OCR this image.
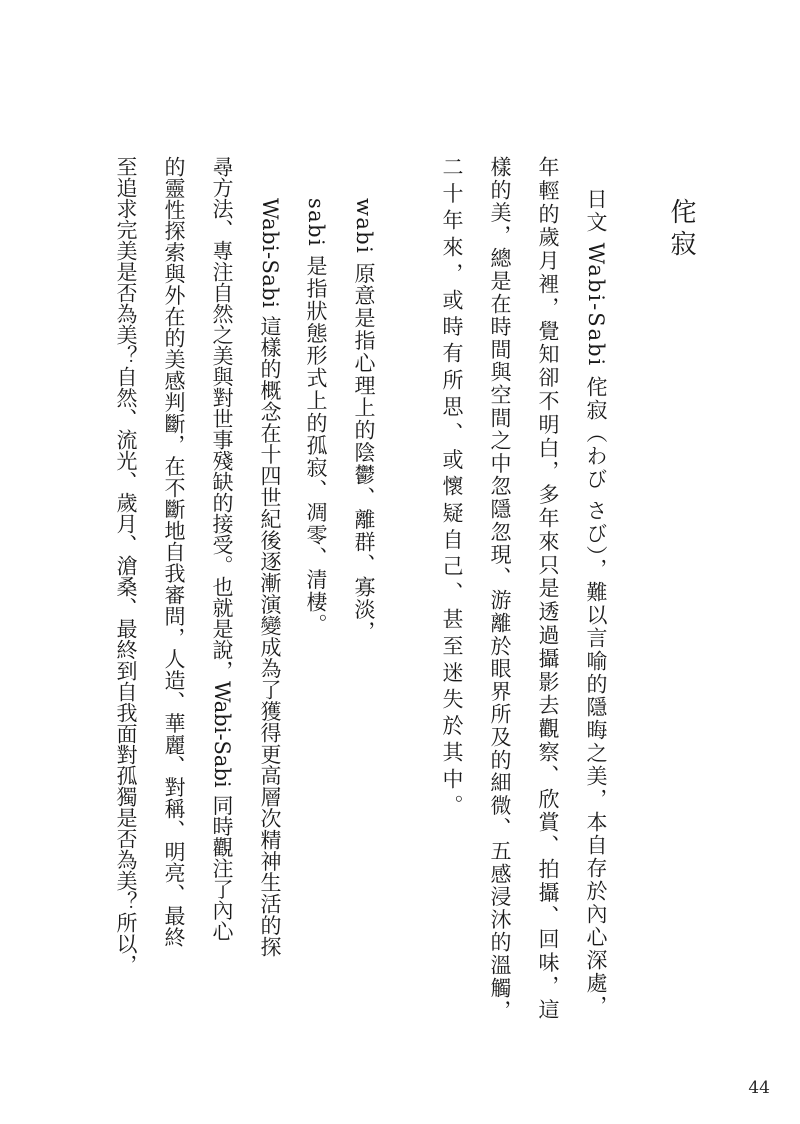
侘寂
日文 Wabi-Sabi 侘寂（わび さび），難以言喻的隱晦之美，本自存於內心深處，
年輕的歲月裡，覺知卻不明白，多年來只是透過攝影去觀察、欣賞、拍攝、回味，這
樣的美，總是在時間與空間之中忽隱忽現、游離於眼界所及的細微、五感浸沐的溫觸，
二十年來，或時有所思、或懷疑自己、甚至迷失於其中。
wabi 原意是指心理上的陰鬱、離群、寡淡，
sabi 是指狀態形式上的孤寂、凋零、清棲。
Wabi-Sabi 這樣的概念在十四世紀後逐漸演變成為了獲得更高層次精神生活的探
尋方法、專注自然之美與對世事殘缺的接受。也就是說，Wabi-Sabi 同時觀注了內心
的靈性探索與外在的美感判斷，在不斷地自我審問，人造、華麗、對稱、明亮、最終
至追求完美是否為美？自然、流光、歲月、滄桑、最終到自我面對孤獨是否為美？所以，
44
